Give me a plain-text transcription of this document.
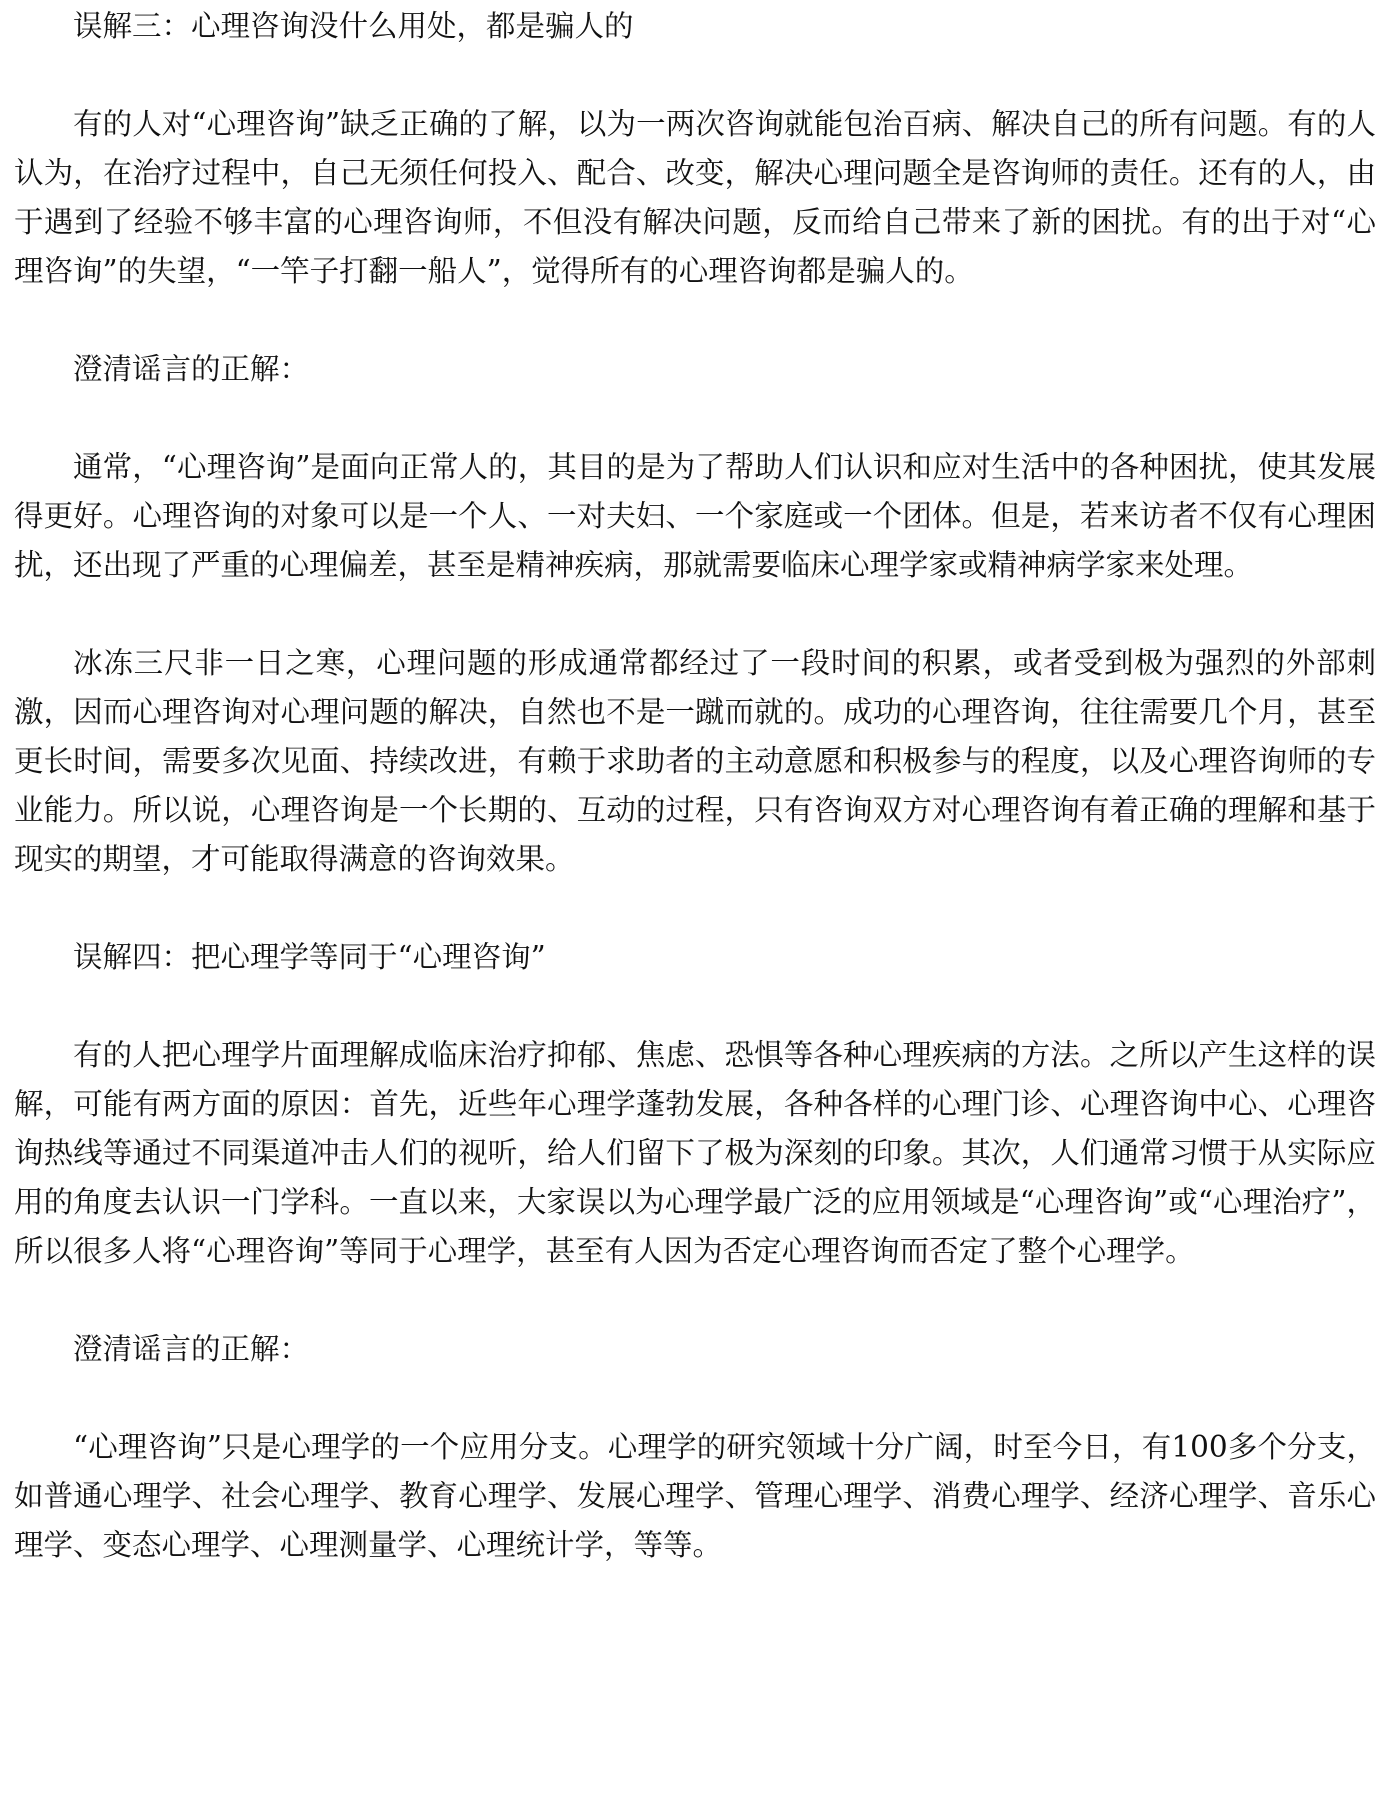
误解三：心理咨询没什么用处，都是骗人的

有的人对“心理咨询”缺乏正确的了解，以为一两次咨询就能包治百病、解决自己的所有问题。有的人认为，在治疗过程中，自己无须任何投入、配合、改变，解决心理问题全是咨询师的责任。还有的人，由于遇到了经验不够丰富的心理咨询师，不但没有解决问题，反而给自己带来了新的困扰。有的出于对“心理咨询”的失望，“一竿子打翻一船人”，觉得所有的心理咨询都是骗人的。

澄清谣言的正解：

通常，“心理咨询”是面向正常人的，其目的是为了帮助人们认识和应对生活中的各种困扰，使其发展得更好。心理咨询的对象可以是一个人、一对夫妇、一个家庭或一个团体。但是，若来访者不仅有心理困扰，还出现了严重的心理偏差，甚至是精神疾病，那就需要临床心理学家或精神病学家来处理。

冰冻三尺非一日之寒，心理问题的形成通常都经过了一段时间的积累，或者受到极为强烈的外部刺激，因而心理咨询对心理问题的解决，自然也不是一蹴而就的。成功的心理咨询，往往需要几个月，甚至更长时间，需要多次见面、持续改进，有赖于求助者的主动意愿和积极参与的程度，以及心理咨询师的专业能力。所以说，心理咨询是一个长期的、互动的过程，只有咨询双方对心理咨询有着正确的理解和基于现实的期望，才可能取得满意的咨询效果。

误解四：把心理学等同于“心理咨询”

有的人把心理学片面理解成临床治疗抑郁、焦虑、恐惧等各种心理疾病的方法。之所以产生这样的误解，可能有两方面的原因：首先，近些年心理学蓬勃发展，各种各样的心理门诊、心理咨询中心、心理咨询热线等通过不同渠道冲击人们的视听，给人们留下了极为深刻的印象。其次，人们通常习惯于从实际应用的角度去认识一门学科。一直以来，大家误以为心理学最广泛的应用领域是“心理咨询”或“心理治疗”，所以很多人将“心理咨询”等同于心理学，甚至有人因为否定心理咨询而否定了整个心理学。

澄清谣言的正解：

“心理咨询”只是心理学的一个应用分支。心理学的研究领域十分广阔，时至今日，有100多个分支，如普通心理学、社会心理学、教育心理学、发展心理学、管理心理学、消费心理学、经济心理学、音乐心理学、变态心理学、心理测量学、心理统计学，等等。
